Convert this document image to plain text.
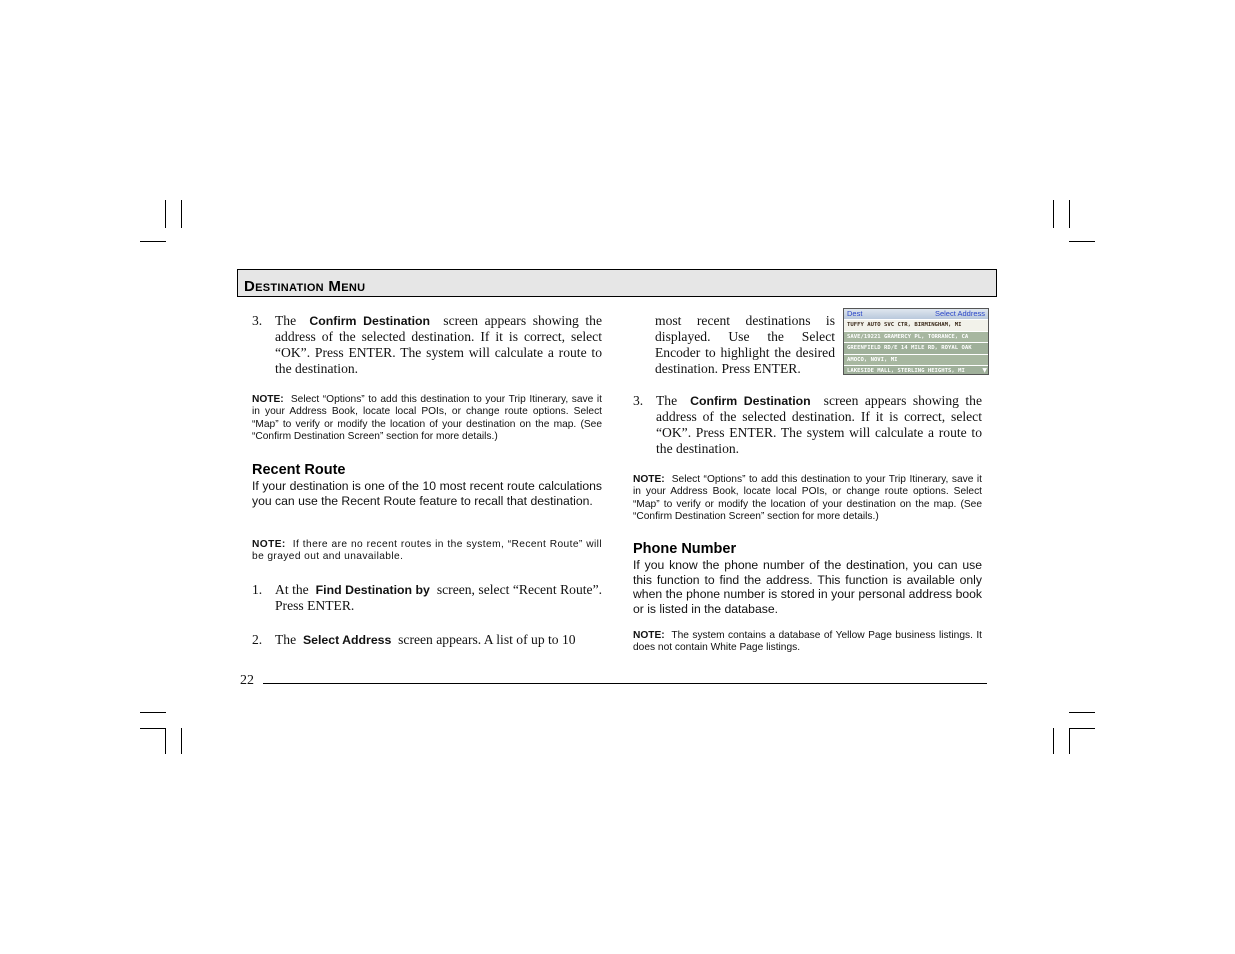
Destination Menu
3. The Confirm Destination screen appears showing the address of the selected destination. If it is correct, select “OK”. Press ENTER. The system will calculate a route to the destination.
NOTE: Select “Options” to add this destination to your Trip Itinerary, save it in your Address Book, locate local POIs, or change route options. Select “Map” to verify or modify the location of your destination on the map. (See “Confirm Destination Screen” section for more details.)
Recent Route
If your destination is one of the 10 most recent route calculations you can use the Recent Route feature to recall that destination.
NOTE: If there are no recent routes in the system, “Recent Route” will be grayed out and unavailable.
1. At the Find Destination by screen, select “Recent Route”. Press ENTER.
2. The Select Address screen appears. A list of up to 10
most recent destinations is displayed. Use the Select Encoder to highlight the desired destination. Press ENTER.
Dest	Select Address
TUFFY AUTO SVC CTR, BIRMINGHAM, MI
SAVE/19221 GRAMERCY PL, TORRANCE, CA
GREENFIELD RD/E 14 MILE RD, ROYAL OAK
AMOCO, NOVI, MI
LAKESIDE MALL, STERLING HEIGHTS, MI	▼
3. The Confirm Destination screen appears showing the address of the selected destination. If it is correct, select “OK”. Press ENTER. The system will calculate a route to the destination.
NOTE: Select “Options” to add this destination to your Trip Itinerary, save it in your Address Book, locate local POIs, or change route options. Select “Map” to verify or modify the location of your destination on the map. (See “Confirm Destination Screen” section for more details.)
Phone Number
If you know the phone number of the destination, you can use this function to find the address. This function is available only when the phone number is stored in your personal address book or is listed in the database.
NOTE: The system contains a database of Yellow Page business listings. It does not contain White Page listings.
22
